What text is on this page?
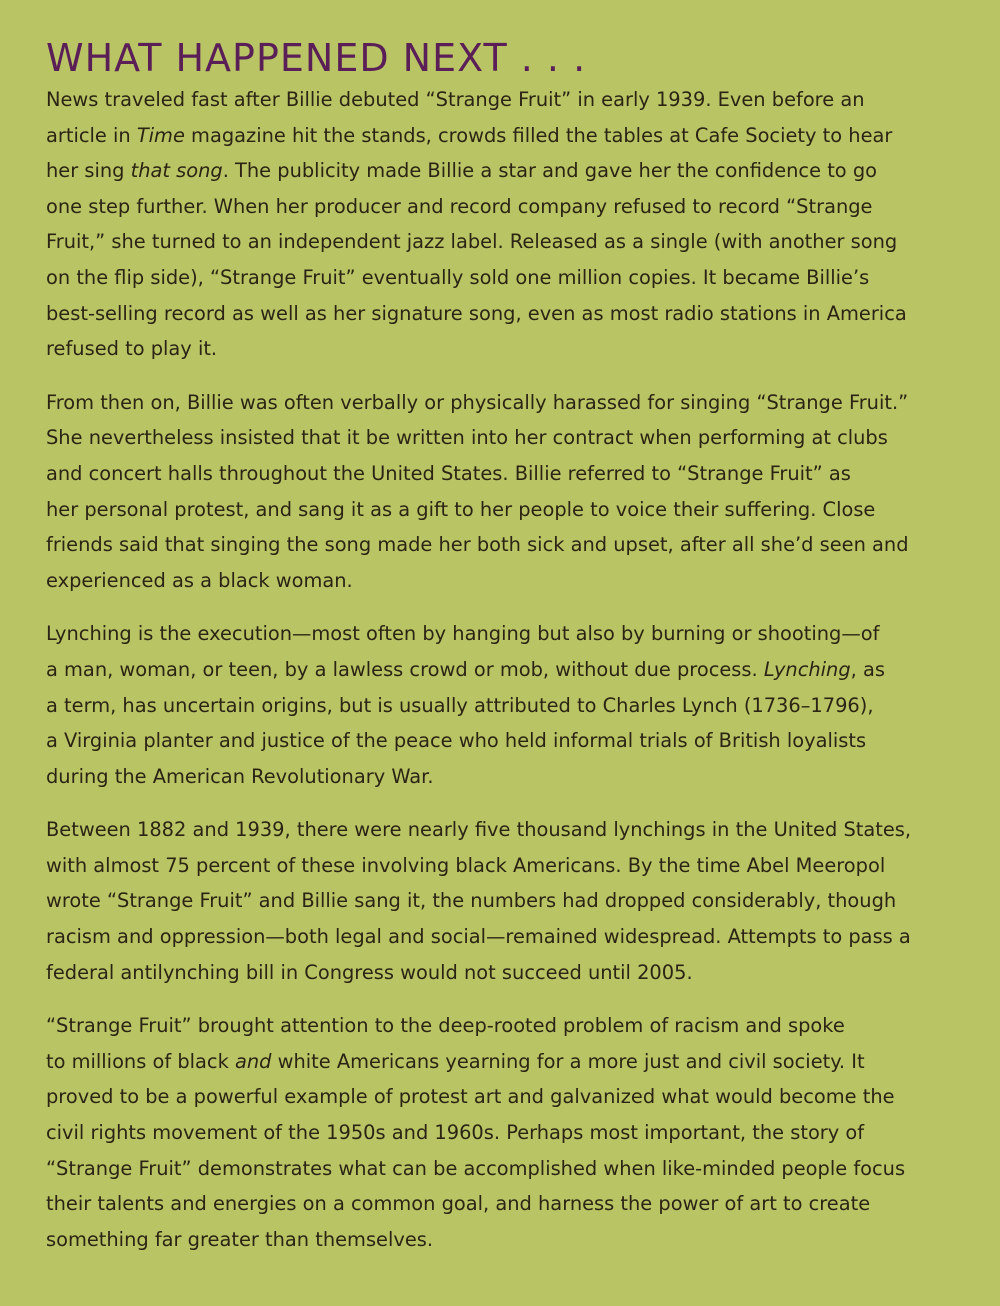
WHAT HAPPENED NEXT . . .

News traveled fast after Billie debuted “Strange Fruit” in early 1939. Even before an
article in Time magazine hit the stands, crowds filled the tables at Cafe Society to hear
her sing that song. The publicity made Billie a star and gave her the confidence to go
one step further. When her producer and record company refused to record “Strange
Fruit,” she turned to an independent jazz label. Released as a single (with another song
on the flip side), “Strange Fruit” eventually sold one million copies. It became Billie’s
best-selling record as well as her signature song, even as most radio stations in America
refused to play it.

From then on, Billie was often verbally or physically harassed for singing “Strange Fruit.”
She nevertheless insisted that it be written into her contract when performing at clubs
and concert halls throughout the United States. Billie referred to “Strange Fruit” as
her personal protest, and sang it as a gift to her people to voice their suffering. Close
friends said that singing the song made her both sick and upset, after all she’d seen and
experienced as a black woman.

Lynching is the execution—most often by hanging but also by burning or shooting—of
a man, woman, or teen, by a lawless crowd or mob, without due process. Lynching, as
a term, has uncertain origins, but is usually attributed to Charles Lynch (1736–1796),
a Virginia planter and justice of the peace who held informal trials of British loyalists
during the American Revolutionary War.

Between 1882 and 1939, there were nearly five thousand lynchings in the United States,
with almost 75 percent of these involving black Americans. By the time Abel Meeropol
wrote “Strange Fruit” and Billie sang it, the numbers had dropped considerably, though
racism and oppression—both legal and social—remained widespread. Attempts to pass a
federal antilynching bill in Congress would not succeed until 2005.

“Strange Fruit” brought attention to the deep-rooted problem of racism and spoke
to millions of black and white Americans yearning for a more just and civil society. It
proved to be a powerful example of protest art and galvanized what would become the
civil rights movement of the 1950s and 1960s. Perhaps most important, the story of
“Strange Fruit” demonstrates what can be accomplished when like-minded people focus
their talents and energies on a common goal, and harness the power of art to create
something far greater than themselves.
